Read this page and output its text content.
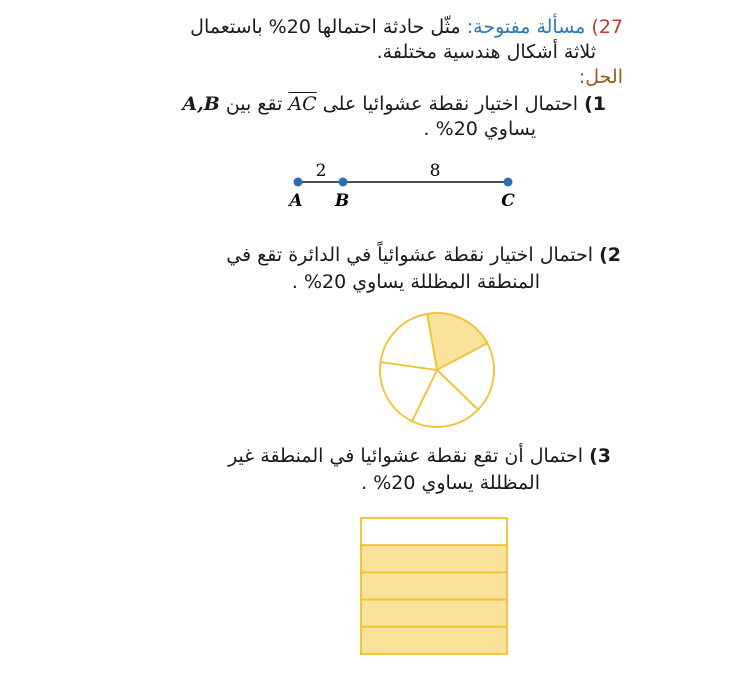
27) مسألة مفتوحة: مثّل حادثة احتمالها 20% باستعمال
ثلاثة أشكال هندسية مختلفة.
الحل:
1) احتمال اختيار نقطة عشوائيا على $\overline{AC}$ تقع بين A,B
يساوي 20% .
2	8
A B	C
2) احتمال اختيار نقطة عشوائياً في الدائرة تقع في
المنطقة المظللة يساوي 20% .
3) احتمال أن تقع نقطة عشوائيا في المنطقة غير
المظللة يساوي 20% .
